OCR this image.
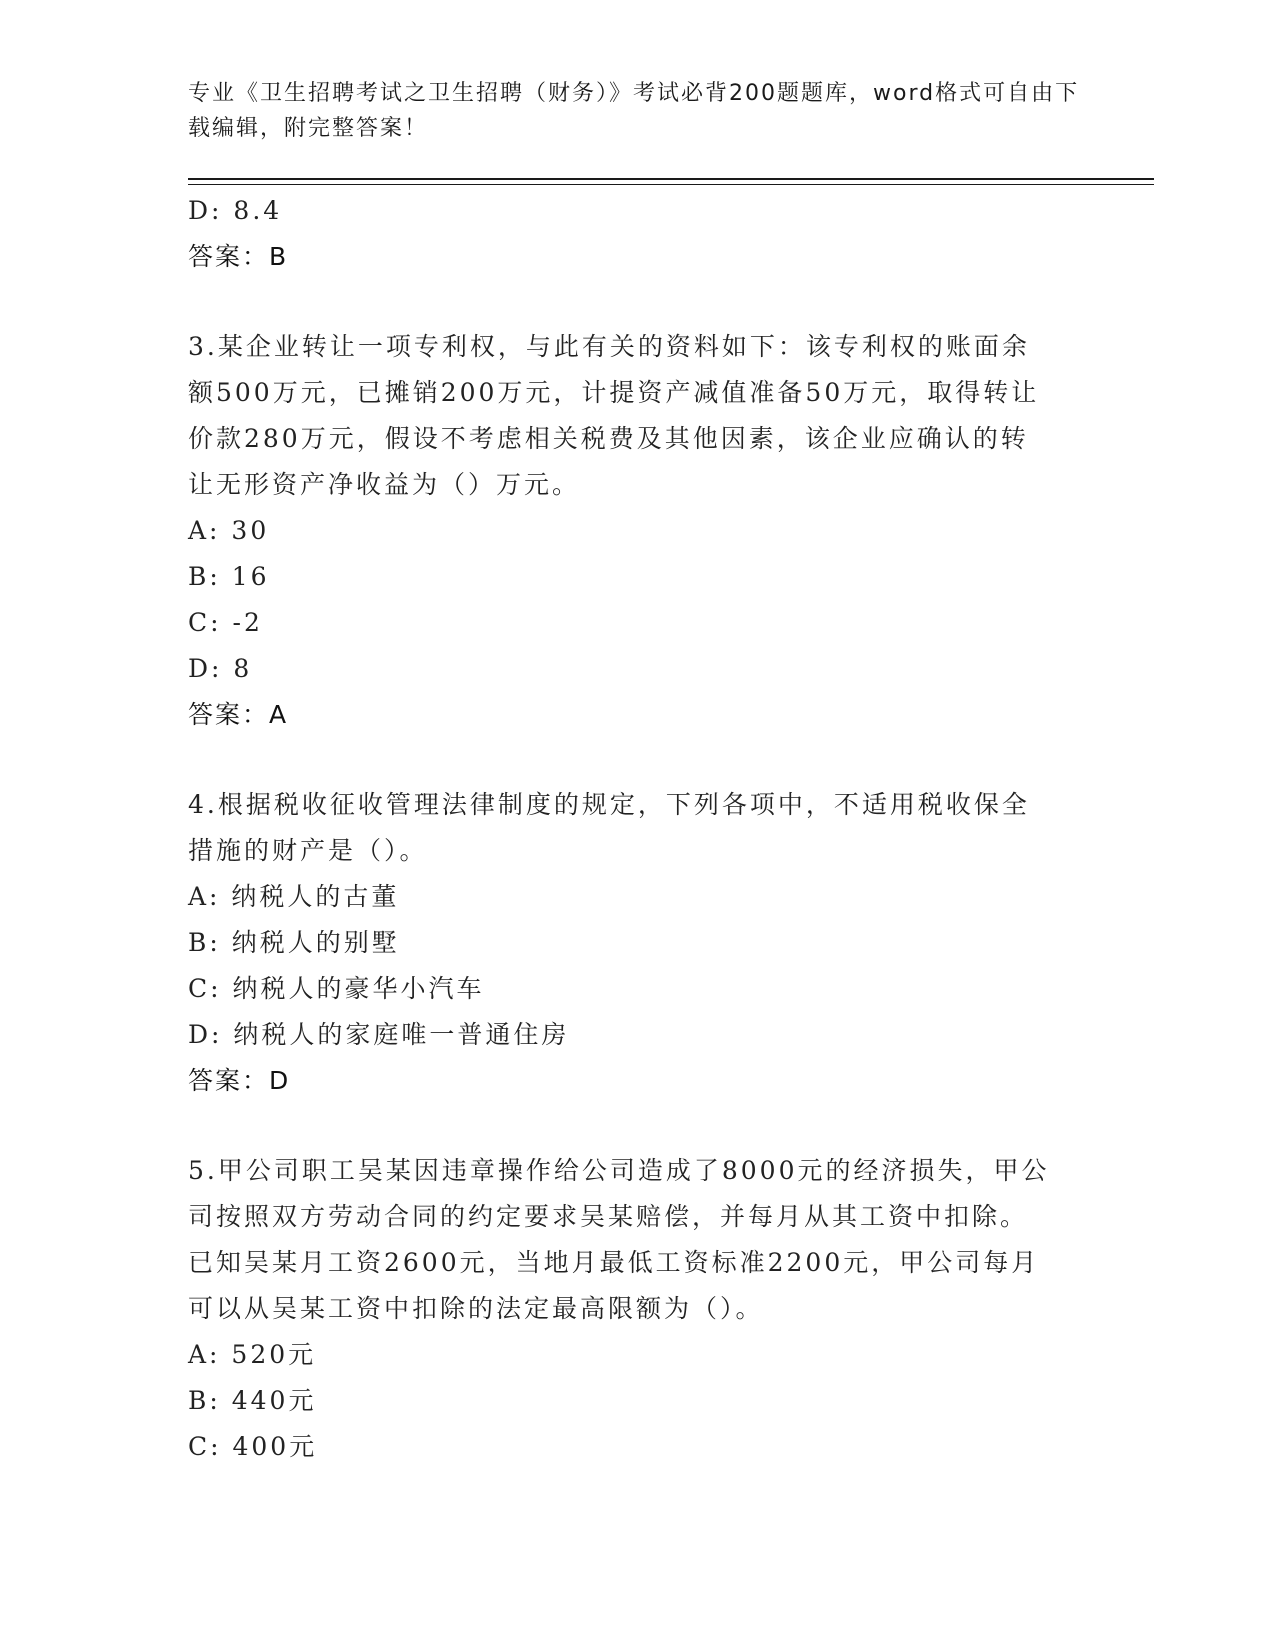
专业《卫生招聘考试之卫生招聘（财务）》考试必背200题题库，word格式可自由下载编辑，附完整答案！
D: 8.4
答案：B
3.某企业转让一项专利权，与此有关的资料如下：该专利权的账面余
额500万元，已摊销200万元，计提资产减值准备50万元，取得转让
价款280万元，假设不考虑相关税费及其他因素，该企业应确认的转
让无形资产净收益为（）万元。
A: 30
B: 16
C: -2
D: 8
答案：A
4.根据税收征收管理法律制度的规定，下列各项中，不适用税收保全
措施的财产是（）。
A: 纳税人的古董
B: 纳税人的别墅
C: 纳税人的豪华小汽车
D: 纳税人的家庭唯一普通住房
答案：D
5.甲公司职工吴某因违章操作给公司造成了8000元的经济损失，甲公
司按照双方劳动合同的约定要求吴某赔偿，并每月从其工资中扣除。
已知吴某月工资2600元，当地月最低工资标准2200元，甲公司每月
可以从吴某工资中扣除的法定最高限额为（）。
A: 520元
B: 440元
C: 400元
